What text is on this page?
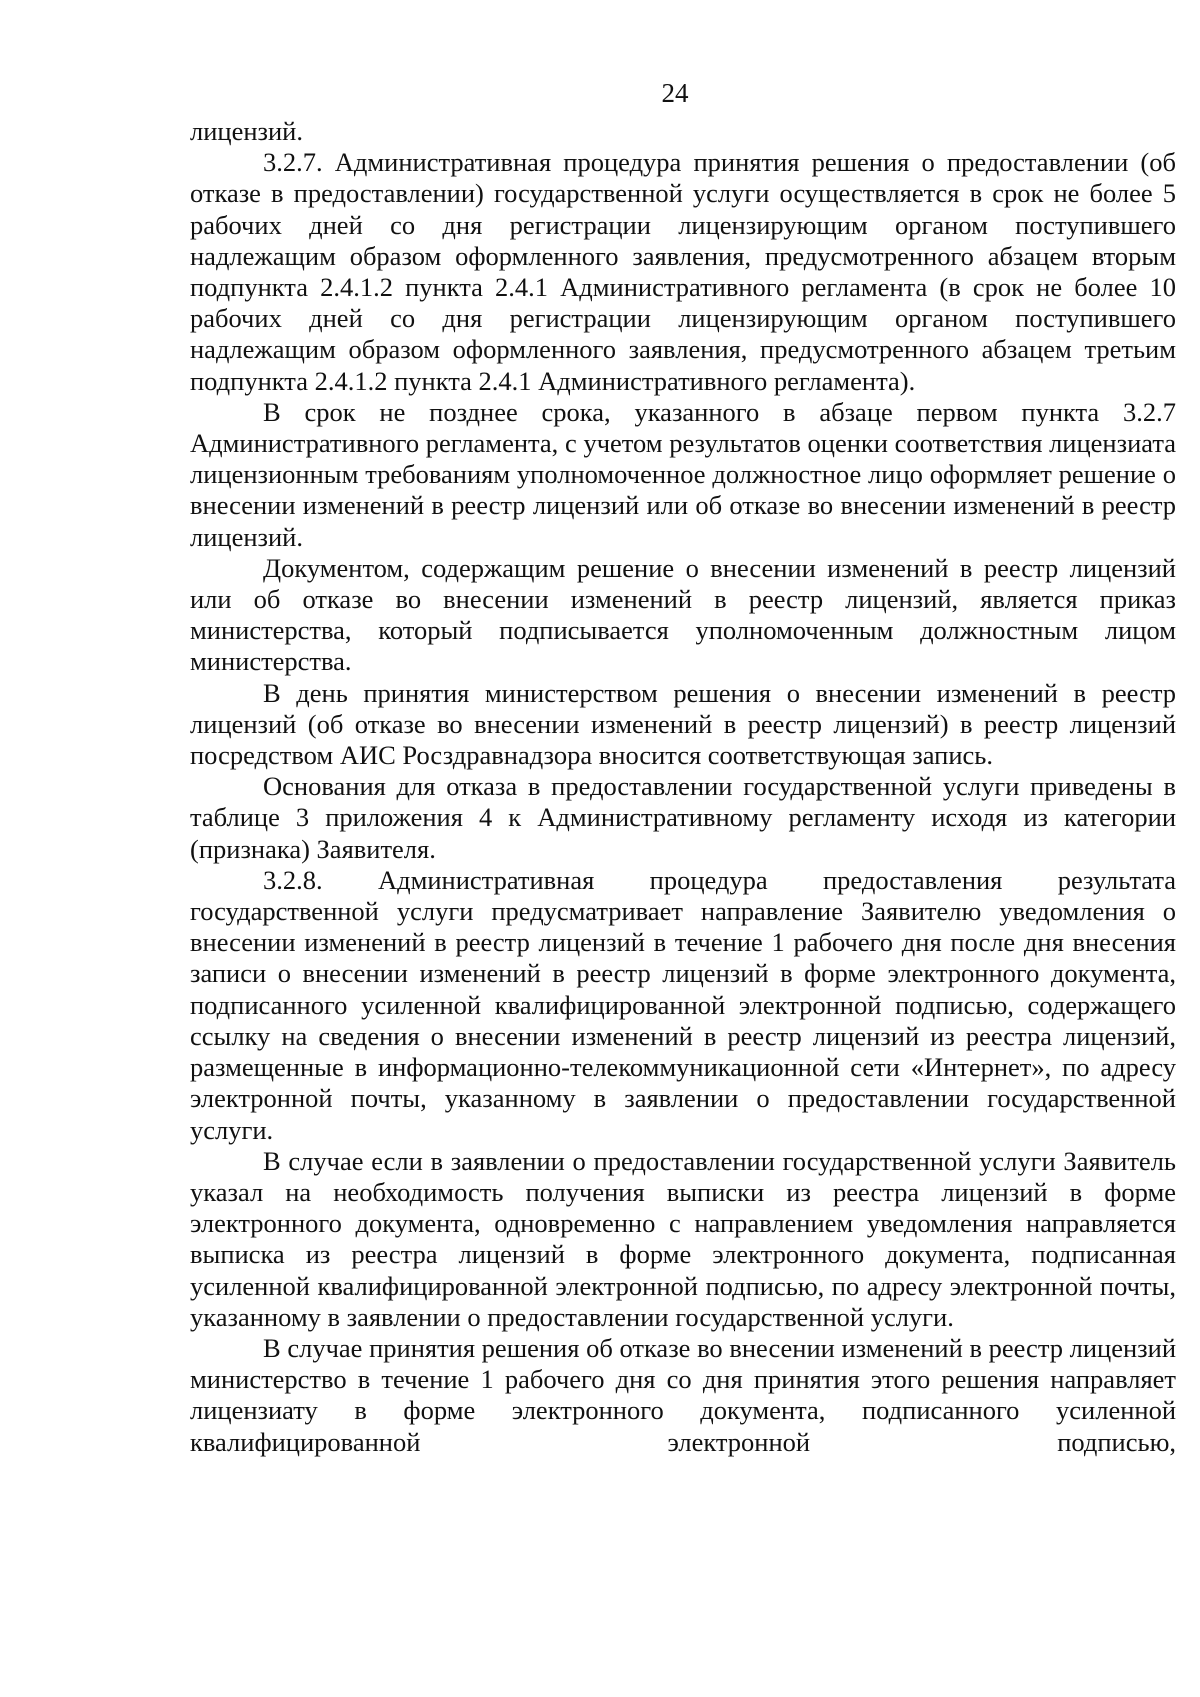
24

лицензий.

3.2.7. Административная процедура принятия решения о предоставлении (об отказе в предоставлении) государственной услуги осуществляется в срок не более 5 рабочих дней со дня регистрации лицензирующим органом поступившего надлежащим образом оформленного заявления, предусмотренного абзацем вторым подпункта 2.4.1.2 пункта 2.4.1 Административного регламента (в срок не более 10 рабочих дней со дня регистрации лицензирующим органом поступившего надлежащим образом оформленного заявления, предусмотренного абзацем третьим подпункта 2.4.1.2 пункта 2.4.1 Административного регламента).

В срок не позднее срока, указанного в абзаце первом пункта 3.2.7 Административного регламента, с учетом результатов оценки соответствия лицензиата лицензионным требованиям уполномоченное должностное лицо оформляет решение о внесении изменений в реестр лицензий или об отказе во внесении изменений в реестр лицензий.

Документом, содержащим решение о внесении изменений в реестр лицензий или об отказе во внесении изменений в реестр лицензий, является приказ министерства, который подписывается уполномоченным должностным лицом министерства.

В день принятия министерством решения о внесении изменений в реестр лицензий (об отказе во внесении изменений в реестр лицензий) в реестр лицензий посредством АИС Росздравнадзора вносится соответствующая запись.

Основания для отказа в предоставлении государственной услуги приведены в таблице 3 приложения 4 к Административному регламенту исходя из категории (признака) Заявителя.

3.2.8. Административная процедура предоставления результата государственной услуги предусматривает направление Заявителю уведомления о внесении изменений в реестр лицензий в течение 1 рабочего дня после дня внесения записи о внесении изменений в реестр лицензий в форме электронного документа, подписанного усиленной квалифицированной электронной подписью, содержащего ссылку на сведения о внесении изменений в реестр лицензий из реестра лицензий, размещенные в информационно-телекоммуникационной сети «Интернет», по адресу электронной почты, указанному в заявлении о предоставлении государственной услуги.

В случае если в заявлении о предоставлении государственной услуги Заявитель указал на необходимость получения выписки из реестра лицензий в форме электронного документа, одновременно с направлением уведомления направляется выписка из реестра лицензий в форме электронного документа, подписанная усиленной квалифицированной электронной подписью, по адресу электронной почты, указанному в заявлении о предоставлении государственной услуги.

В случае принятия решения об отказе во внесении изменений в реестр лицензий министерство в течение 1 рабочего дня со дня принятия этого решения направляет лицензиату в форме электронного документа, подписанного усиленной квалифицированной электронной подписью,
